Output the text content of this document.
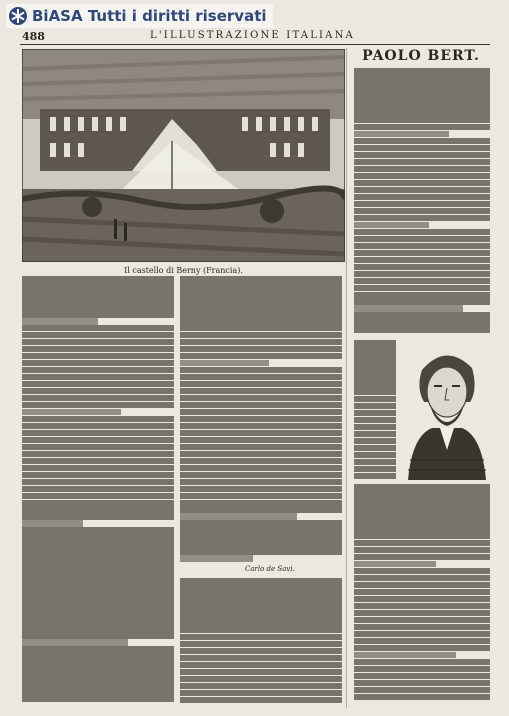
BiASA Tutti i diritti riservati
488	L'ILLUSTRAZIONE ITALIANA
Il castello di Berny (Francia).
PAOLO BERT.
Carlo de Savi.
